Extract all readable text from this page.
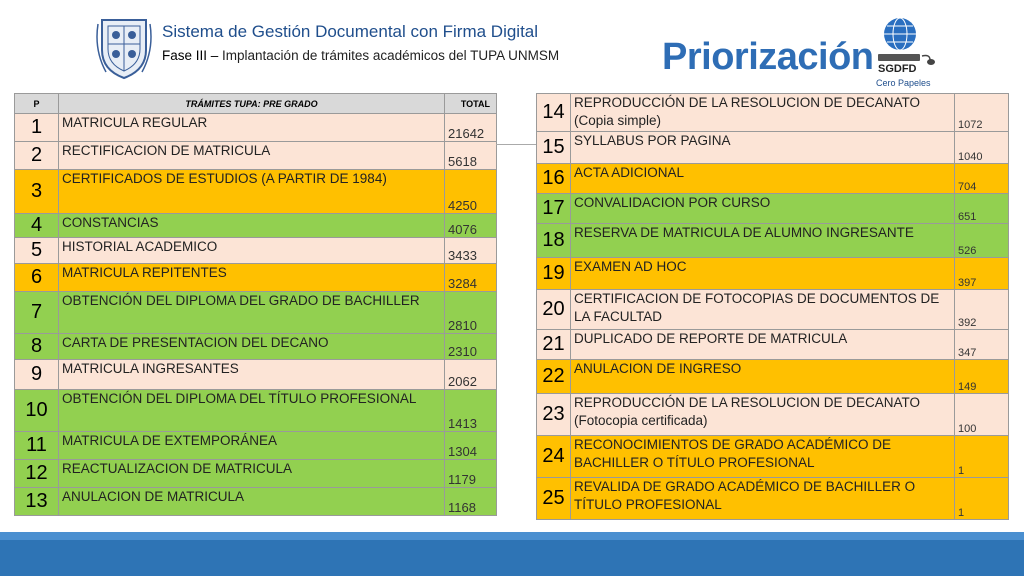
Sistema de Gestión Documental con Firma Digital
Fase III – Implantación de trámites académicos del TUPA UNMSM	Priorización SGDFD
Cero Papeles
P	TRÁMITES TUPA: PRE GRADO	TOTAL
1	MATRICULA REGULAR	21642
2	RECTIFICACION DE MATRICULA	5618
3	CERTIFICADOS DE ESTUDIOS (A PARTIR DE 1984)	4250
4	CONSTANCIAS	4076
5	HISTORIAL ACADEMICO	3433
6	MATRICULA REPITENTES	3284
7	OBTENCIÓN DEL DIPLOMA DEL GRADO DE BACHILLER	2810
8	CARTA DE PRESENTACION DEL DECANO	2310
9	MATRICULA INGRESANTES	2062
10	OBTENCIÓN DEL DIPLOMA DEL TÍTULO PROFESIONAL	1413
11	MATRICULA DE EXTEMPORÁNEA	1304
12	REACTUALIZACION DE MATRICULA	1179
13	ANULACION DE MATRICULA	1168
14	REPRODUCCIÓN DE LA RESOLUCION DE DECANATO (Copia simple)	1072
15	SYLLABUS POR PAGINA	1040
16	ACTA ADICIONAL	704
17	CONVALIDACION POR CURSO	651
18	RESERVA DE MATRICULA DE ALUMNO INGRESANTE	526
19	EXAMEN AD HOC	397
20	CERTIFICACION DE FOTOCOPIAS DE DOCUMENTOS DE LA FACULTAD	392
21	DUPLICADO DE REPORTE DE MATRICULA	347
22	ANULACION DE INGRESO	149
23	REPRODUCCIÓN DE LA RESOLUCION DE DECANATO (Fotocopia certificada)	100
24	RECONOCIMIENTOS DE GRADO ACADÉMICO DE BACHILLER O TÍTULO PROFESIONAL	1
25	REVALIDA DE GRADO ACADÉMICO DE BACHILLER O TÍTULO PROFESIONAL	1
